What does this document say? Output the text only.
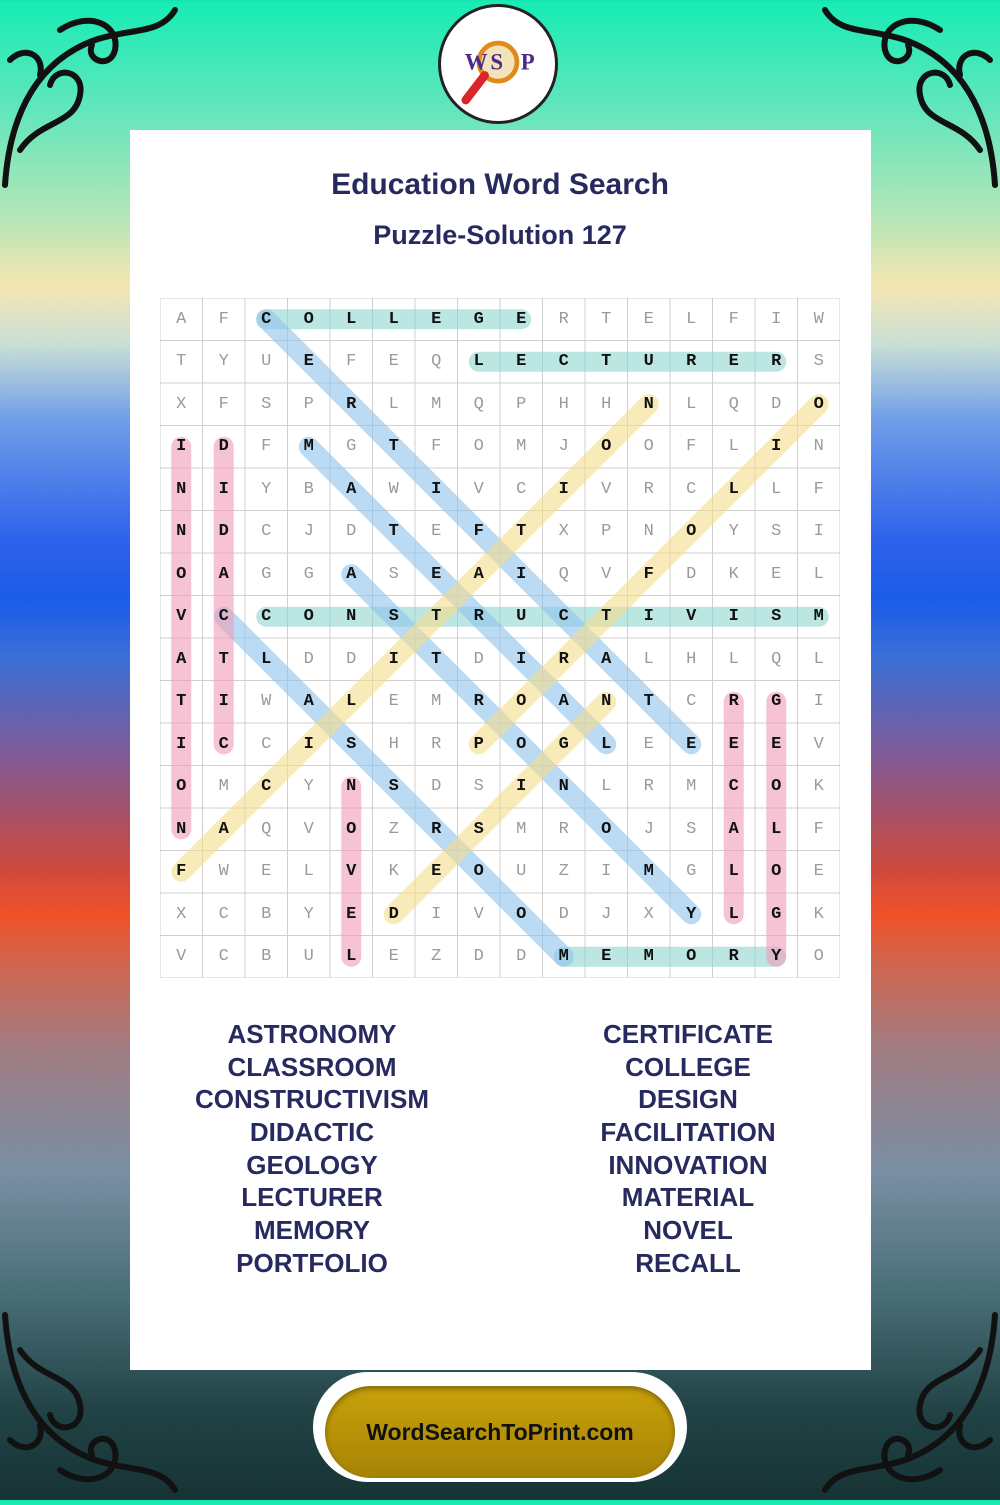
W S P
Education Word Search
Puzzle-Solution 127
A	F	C	O	L	L	E	G	E	R	T	E	L	F	I	W
T	Y	U	E	F	E	Q	L	E	C	T	U	R	E	R	S
X	F	S	P	R	L	M	Q	P	H	H	N	L	Q	D	O
I	D	F	M	G	T	F	O	M	J	O	O	F	L	I	N
N	I	Y	B	A	W	I	V	C	I	V	R	C	L	L	F
N	D	C	J	D	T	E	F	T	X	P	N	O	Y	S	I
O	A	G	G	A	S	E	A	I	Q	V	F	D	K	E	L
V	C	C	O	N	S	T	R	U	C	T	I	V	I	S	M
A	T	L	D	D	I	T	D	I	R	A	L	H	L	Q	L
T	I	W	A	L	E	M	R	O	A	N	T	C	R	G	I
I	C	C	I	S	H	R	P	O	G	L	E	E	E	E	V
O	M	C	Y	N	S	D	S	I	N	L	R	M	C	O	K
N	A	Q	V	O	Z	R	S	M	R	O	J	S	A	L	F
F	W	E	L	V	K	E	O	U	Z	I	M	G	L	O	E
X	C	B	Y	E	D	I	V	O	D	J	X	Y	L	G	K
V	C	B	U	L	E	Z	D	D	M	E	M	O	R	Y	O
ASTRONOMY
CLASSROOM
CONSTRUCTIVISM
DIDACTIC
GEOLOGY
LECTURER
MEMORY
PORTFOLIO
CERTIFICATE
COLLEGE
DESIGN
FACILITATION
INNOVATION
MATERIAL
NOVEL
RECALL
WordSearchToPrint.com
